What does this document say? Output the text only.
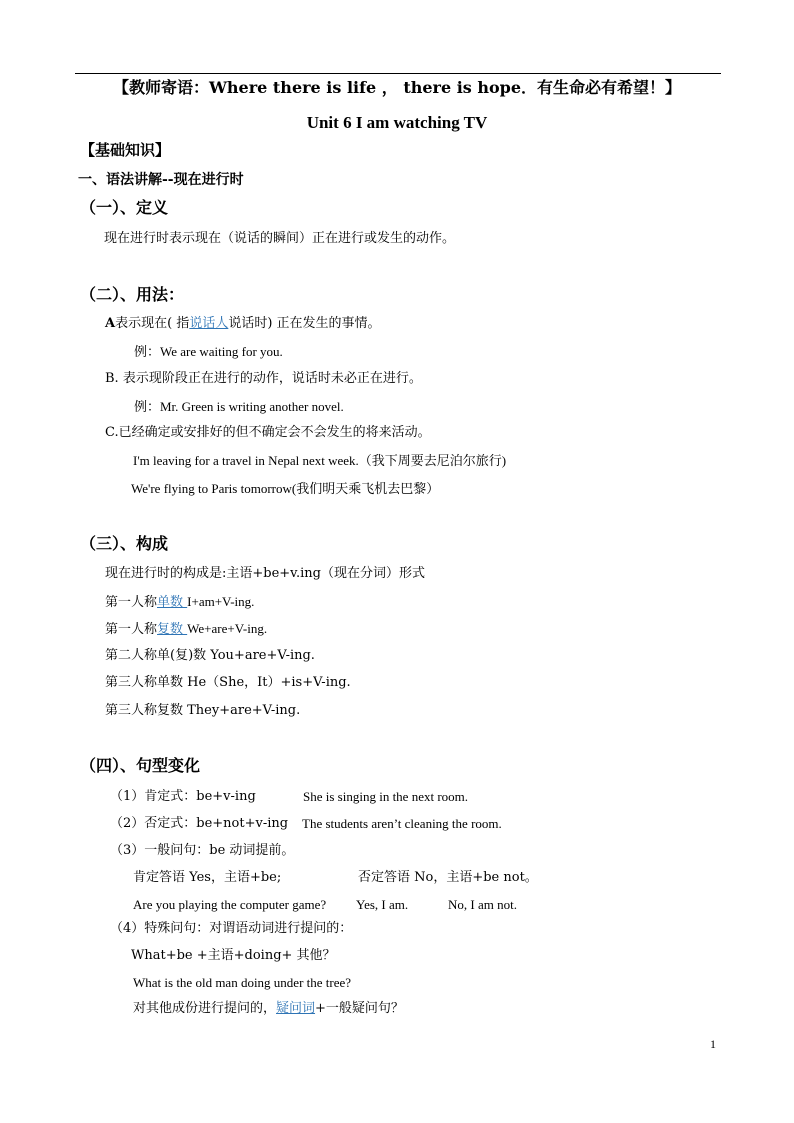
【教师寄语：Where there is life ， there is hope．有生命必有希望！】
Unit 6 I am watching TV
【基础知识】
一、语法讲解--现在进行时
（一）、定义
现在进行时表示现在（说话的瞬间）正在进行或发生的动作。
（二）、用法：
A表示现在( 指说话人说话时) 正在发生的事情。
例：We are waiting for you.
B. 表示现阶段正在进行的动作，说话时未必正在进行。
例：Mr. Green is writing another novel.
C.已经确定或安排好的但不确定会不会发生的将来活动。
I'm leaving for a travel in Nepal next week.（我下周要去尼泊尔旅行)
We're flying to Paris tomorrow(我们明天乘飞机去巴黎）
（三）、构成
现在进行时的构成是:主语+be+v.ing（现在分词）形式
第一人称单数 I+am+V-ing.
第一人称复数 We+are+V-ing.
第二人称单(复)数 You+are+V-ing.
第三人称单数 He（She，It）+is+V-ing.
第三人称复数 They+are+V-ing.
（四）、句型变化
（1）肯定式：be+v-ing	She is singing in the next room.
（2）否定式：be+not+v-ing The students aren’t cleaning the room.
（3）一般问句：be 动词提前。
肯定答语 Yes，主语+be;	否定答语 No，主语+be not。
Are you playing the computer game? Yes, I am.	No, I am not.
（4）特殊问句：对谓语动词进行提问的：
What+be +主语+doing+ 其他？
What is the old man doing under the tree?
对其他成份进行提问的，疑问词+一般疑问句？
1
